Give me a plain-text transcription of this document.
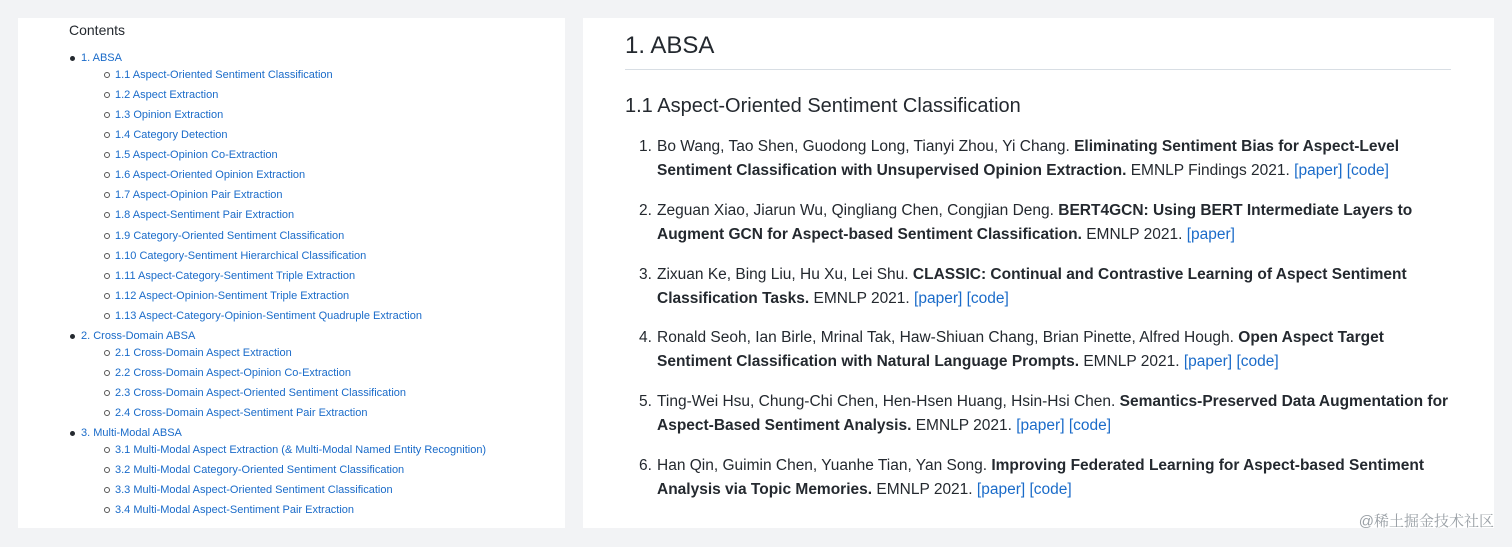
Contents
1. ABSA
1.1 Aspect-Oriented Sentiment Classification
1.2 Aspect Extraction
1.3 Opinion Extraction
1.4 Category Detection
1.5 Aspect-Opinion Co-Extraction
1.6 Aspect-Oriented Opinion Extraction
1.7 Aspect-Opinion Pair Extraction
1.8 Aspect-Sentiment Pair Extraction
1.9 Category-Oriented Sentiment Classification
1.10 Category-Sentiment Hierarchical Classification
1.11 Aspect-Category-Sentiment Triple Extraction
1.12 Aspect-Opinion-Sentiment Triple Extraction
1.13 Aspect-Category-Opinion-Sentiment Quadruple Extraction
2. Cross-Domain ABSA
2.1 Cross-Domain Aspect Extraction
2.2 Cross-Domain Aspect-Opinion Co-Extraction
2.3 Cross-Domain Aspect-Oriented Sentiment Classification
2.4 Cross-Domain Aspect-Sentiment Pair Extraction
3. Multi-Modal ABSA
3.1 Multi-Modal Aspect Extraction (& Multi-Modal Named Entity Recognition)
3.2 Multi-Modal Category-Oriented Sentiment Classification
3.3 Multi-Modal Aspect-Oriented Sentiment Classification
3.4 Multi-Modal Aspect-Sentiment Pair Extraction
1. ABSA
1.1 Aspect-Oriented Sentiment Classification
1. Bo Wang, Tao Shen, Guodong Long, Tianyi Zhou, Yi Chang. Eliminating Sentiment Bias for Aspect-Level Sentiment Classification with Unsupervised Opinion Extraction. EMNLP Findings 2021. [paper] [code]
2. Zeguan Xiao, Jiarun Wu, Qingliang Chen, Congjian Deng. BERT4GCN: Using BERT Intermediate Layers to Augment GCN for Aspect-based Sentiment Classification. EMNLP 2021. [paper]
3. Zixuan Ke, Bing Liu, Hu Xu, Lei Shu. CLASSIC: Continual and Contrastive Learning of Aspect Sentiment Classification Tasks. EMNLP 2021. [paper] [code]
4. Ronald Seoh, Ian Birle, Mrinal Tak, Haw-Shiuan Chang, Brian Pinette, Alfred Hough. Open Aspect Target Sentiment Classification with Natural Language Prompts. EMNLP 2021. [paper] [code]
5. Ting-Wei Hsu, Chung-Chi Chen, Hen-Hsen Huang, Hsin-Hsi Chen. Semantics-Preserved Data Augmentation for Aspect-Based Sentiment Analysis. EMNLP 2021. [paper] [code]
6. Han Qin, Guimin Chen, Yuanhe Tian, Yan Song. Improving Federated Learning for Aspect-based Sentiment Analysis via Topic Memories. EMNLP 2021. [paper] [code]
@稀土掘金技术社区
